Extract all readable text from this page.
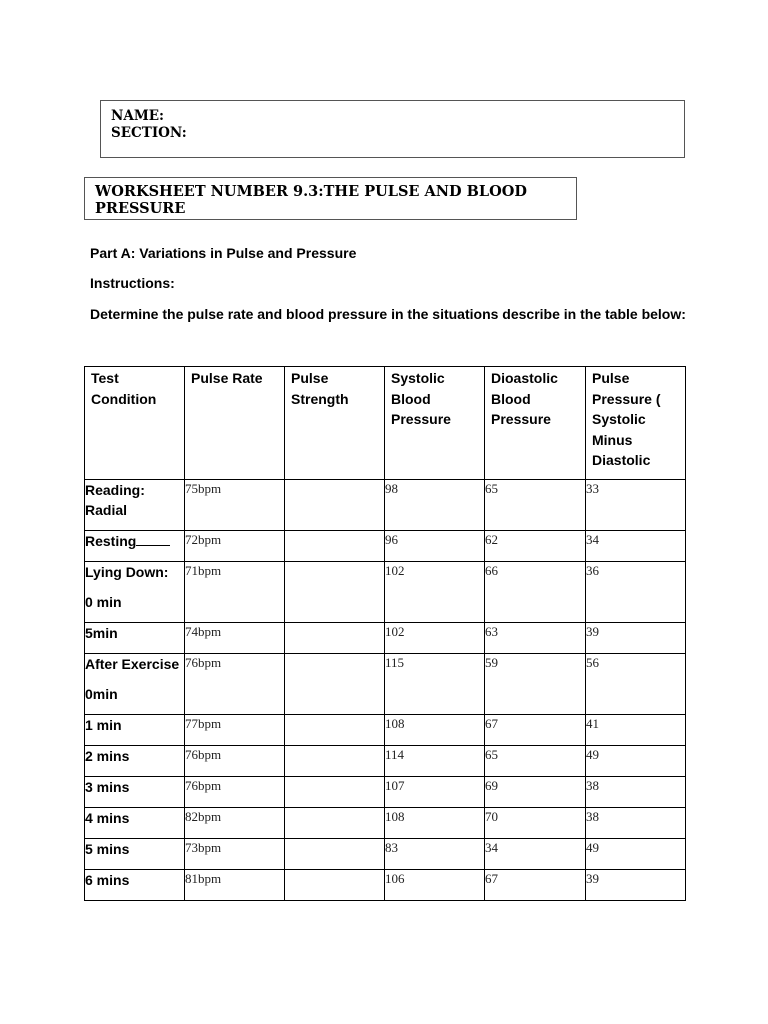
NAME:
SECTION:
WORKSHEET NUMBER 9.3:THE PULSE AND BLOOD PRESSURE
Part A: Variations in Pulse and Pressure
Instructions:
Determine the pulse rate and blood pressure in the situations describe in the table below:
Test Condition	Pulse Rate	Pulse Strength	Systolic Blood Pressure	Dioastolic Blood Pressure	Pulse Pressure ( Systolic Minus Diastolic
Reading: Radial	75bpm		98	65	33
Resting	72bpm		96	62	34
Lying Down:
0 min	71bpm		102	66	36
5min	74bpm		102	63	39
After Exercise
0min	76bpm		115	59	56
1 min	77bpm		108	67	41
2 mins	76bpm		114	65	49
3 mins	76bpm		107	69	38
4 mins	82bpm		108	70	38
5 mins	73bpm		83	34	49
6 mins	81bpm		106	67	39
